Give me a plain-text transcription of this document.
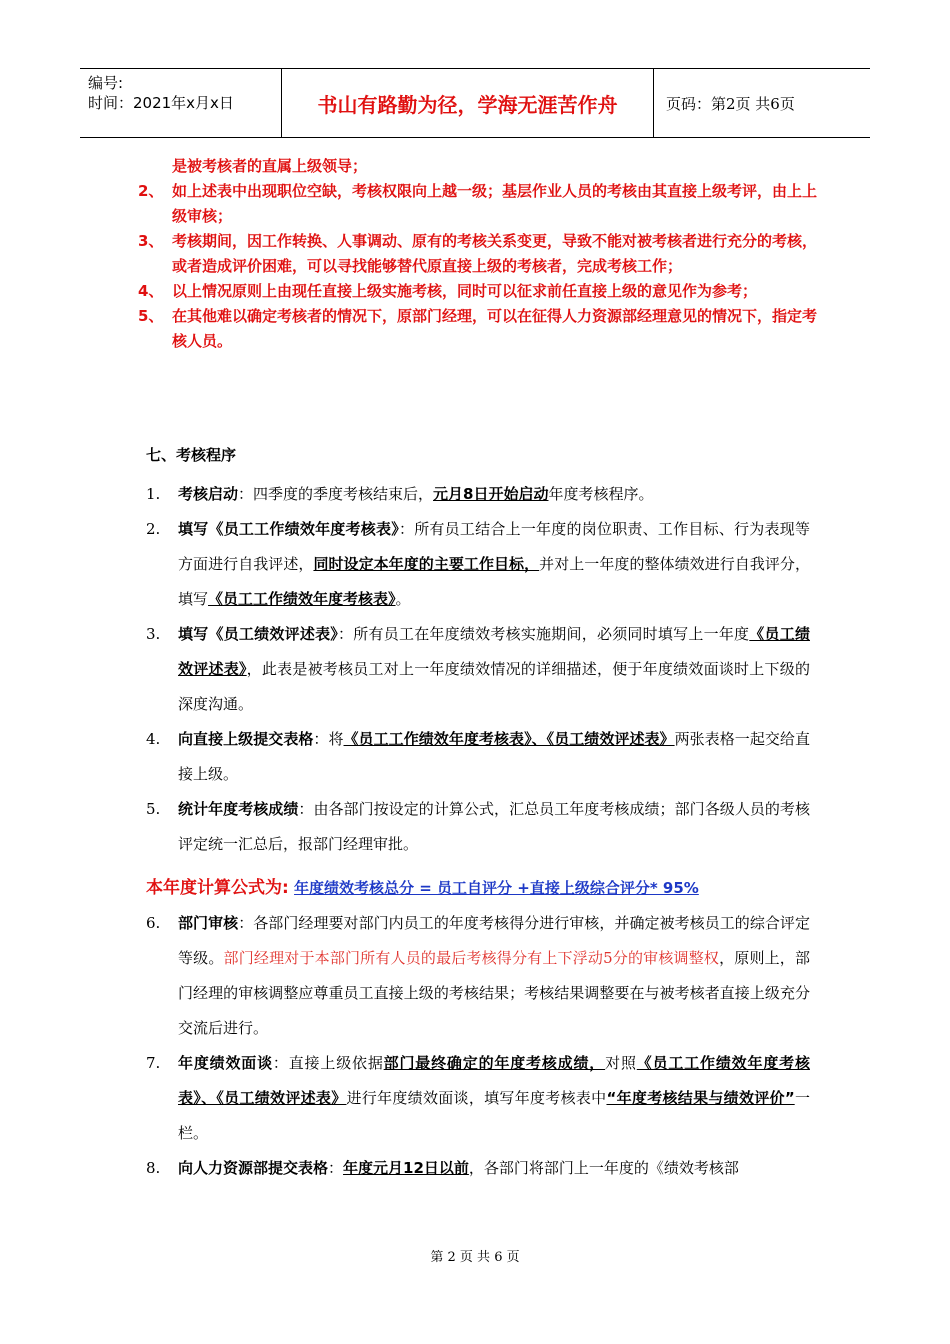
编号:
时间：2021年x月x日	书山有路勤为径，学海无涯苦作舟	页码：第2页 共6页
是被考核者的直属上级领导；
2、 如上述表中出现职位空缺，考核权限向上越一级；基层作业人员的考核由其直接上级考评，由上上级审核；
3、 考核期间，因工作转换、人事调动、原有的考核关系变更，导致不能对被考核者进行充分的考核，或者造成评价困难，可以寻找能够替代原直接上级的考核者，完成考核工作；
4、 以上情况原则上由现任直接上级实施考核，同时可以征求前任直接上级的意见作为参考；
5、 在其他难以确定考核者的情况下，原部门经理，可以在征得人力资源部经理意见的情况下，指定考核人员。
七、考核程序
1.	考核启动：四季度的季度考核结束后，元月8日开始启动年度考核程序。
2.	填写《员工工作绩效年度考核表》：所有员工结合上一年度的岗位职责、工作目标、行为表现等方面进行自我评述，同时设定本年度的主要工作目标，并对上一年度的整体绩效进行自我评分，填写《员工工作绩效年度考核表》。
3.	填写《员工绩效评述表》：所有员工在年度绩效考核实施期间，必须同时填写上一年度《员工绩效评述表》，此表是被考核员工对上一年度绩效情况的详细描述，便于年度绩效面谈时上下级的深度沟通。
4.	向直接上级提交表格：将《员工工作绩效年度考核表》、《员工绩效评述表》两张表格一起交给直接上级。
5.	统计年度考核成绩：由各部门按设定的计算公式，汇总员工年度考核成绩；部门各级人员的考核评定统一汇总后，报部门经理审批。
本年度计算公式为: 年度绩效考核总分 = 员工自评分 +直接上级综合评分* 95%
6.	部门审核：各部门经理要对部门内员工的年度考核得分进行审核，并确定被考核员工的综合评定等级。部门经理对于本部门所有人员的最后考核得分有上下浮动5分的审核调整权，原则上，部门经理的审核调整应尊重员工直接上级的考核结果；考核结果调整要在与被考核者直接上级充分交流后进行。
7.	年度绩效面谈：直接上级依据部门最终确定的年度考核成绩，对照《员工工作绩效年度考核表》、《员工绩效评述表》进行年度绩效面谈，填写年度考核表中“年度考核结果与绩效评价”一栏。
8.	向人力资源部提交表格：年度元月12日以前，各部门将部门上一年度的《绩效考核部
第 2 页 共 6 页
